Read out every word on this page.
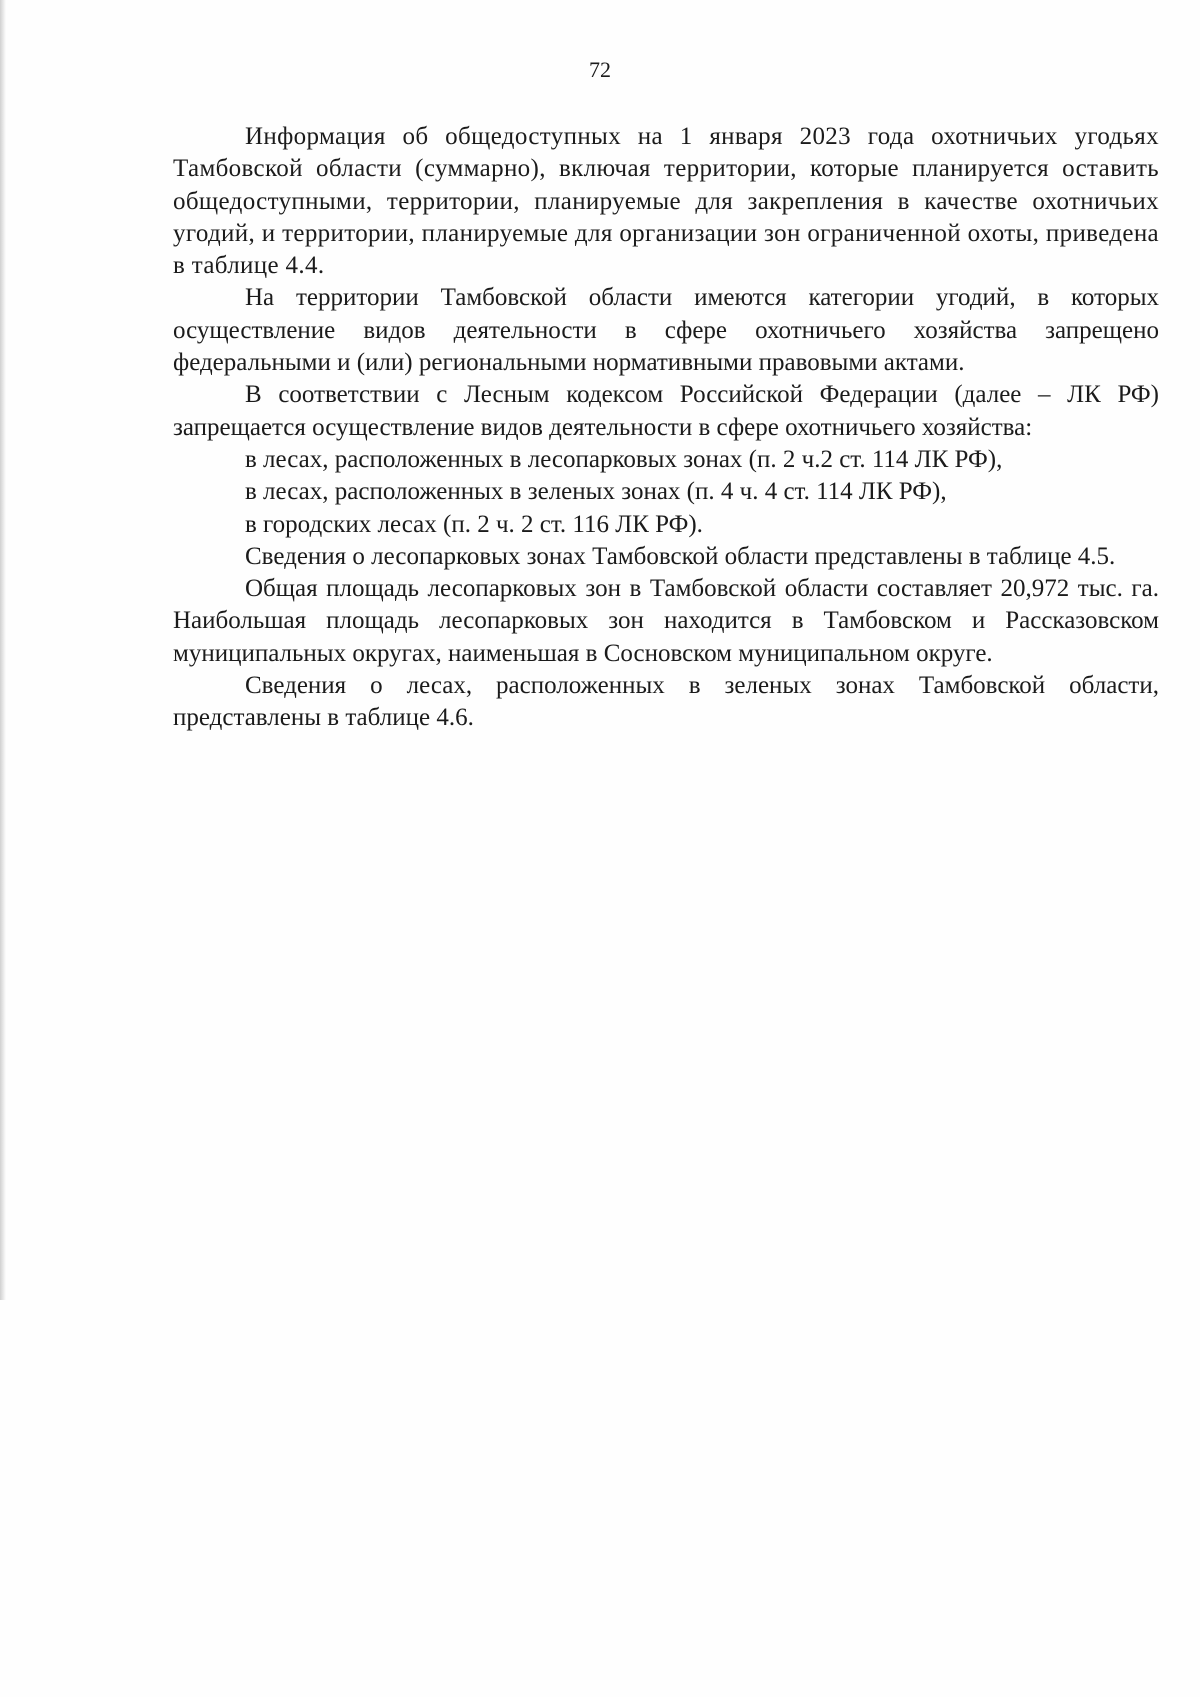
72

Информация об общедоступных на 1 января 2023 года охотничьих угодьях Тамбовской области (суммарно), включая территории, которые планируется оставить общедоступными, территории, планируемые для закрепления в качестве охотничьих угодий, и территории, планируемые для организации зон ограниченной охоты, приведена в таблице 4.4.

На территории Тамбовской области имеются категории угодий, в которых осуществление видов деятельности в сфере охотничьего хозяйства запрещено федеральными и (или) региональными нормативными правовыми актами.

В соответствии с Лесным кодексом Российской Федерации (далее – ЛК РФ) запрещается осуществление видов деятельности в сфере охотничьего хозяйства:

в лесах, расположенных в лесопарковых зонах (п. 2 ч.2 ст. 114 ЛК РФ),

в лесах, расположенных в зеленых зонах (п. 4 ч. 4 ст. 114 ЛК РФ),

в городских лесах (п. 2 ч. 2 ст. 116 ЛК РФ).

Сведения о лесопарковых зонах Тамбовской области представлены в таблице 4.5.

Общая площадь лесопарковых зон в Тамбовской области составляет 20,972 тыс. га. Наибольшая площадь лесопарковых зон находится в Тамбовском и Рассказовском муниципальных округах, наименьшая в Сосновском муниципальном округе.

Сведения о лесах, расположенных в зеленых зонах Тамбовской области, представлены в таблице 4.6.
